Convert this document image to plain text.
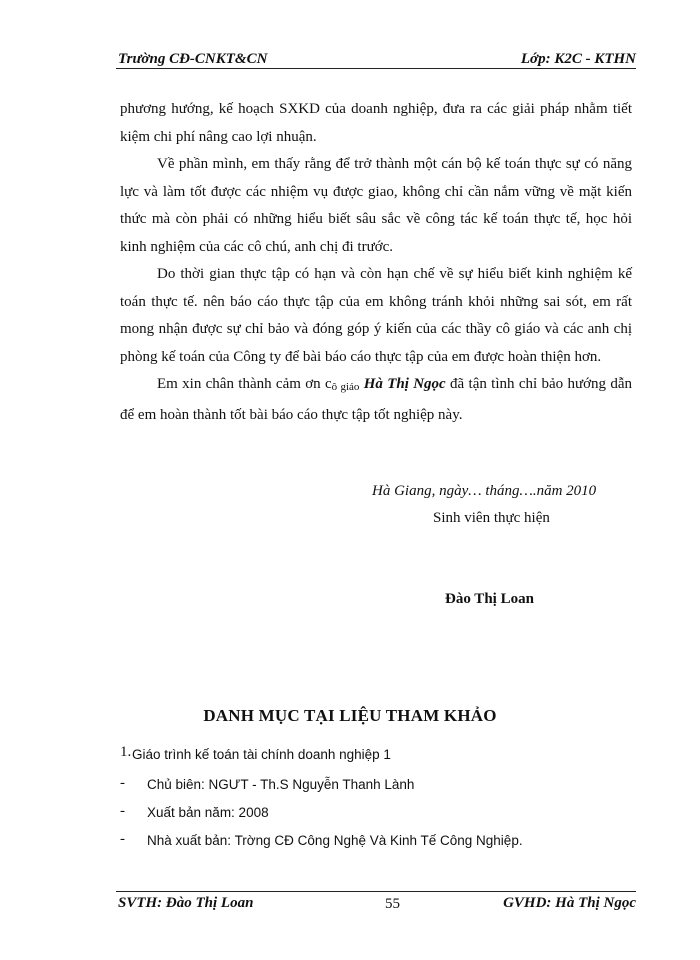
Trường CĐ-CNKT&CN	Lớp: K2C - KTHN

phương hướng, kế hoạch SXKD của doanh nghiệp, đưa ra các giải pháp nhằm tiết kiệm chi phí nâng cao lợi nhuận.

Về phần mình, em thấy rằng để trở thành một cán bộ kế toán thực sự có năng lực và làm tốt được các nhiệm vụ được giao, không chỉ cần nắm vững về mặt kiến thức mà còn phải có những hiểu biết sâu sắc về công tác kế toán thực tế, học hỏi kinh nghiệm của các cô chú, anh chị đi trước.

Do thời gian thực tập có hạn và còn hạn chế về sự hiểu biết kinh nghiệm kế toán thực tế. nên báo cáo thực tập của em không tránh khỏi những sai sót, em rất mong nhận được sự chỉ bảo và đóng góp ý kiến của các thầy cô giáo và các anh chị phòng kế toán của Công ty để bài báo cáo thực tập của em được hoàn thiện hơn.

Em xin chân thành cảm ơn cô giáo Hà Thị Ngọc đã tận tình chỉ bảo hướng dẫn để em hoàn thành tốt bài báo cáo thực tập tốt nghiệp này.

Hà Giang, ngày… tháng….năm 2010
Sinh viên thực hiện
Đào Thị Loan
DANH MỤC TẠI LIỆU THAM KHẢO
1. Giáo trình kế toán tài chính doanh nghiệp 1
- Chủ biên: NGƯT - Th.S Nguyễn Thanh Lành
- Xuất bản năm: 2008
- Nhà xuất bản: Trờng CĐ Công Nghệ Và Kinh Tế Công Nghiệp.
SVTH: Đào Thị Loan	55	GVHD: Hà Thị Ngọc
